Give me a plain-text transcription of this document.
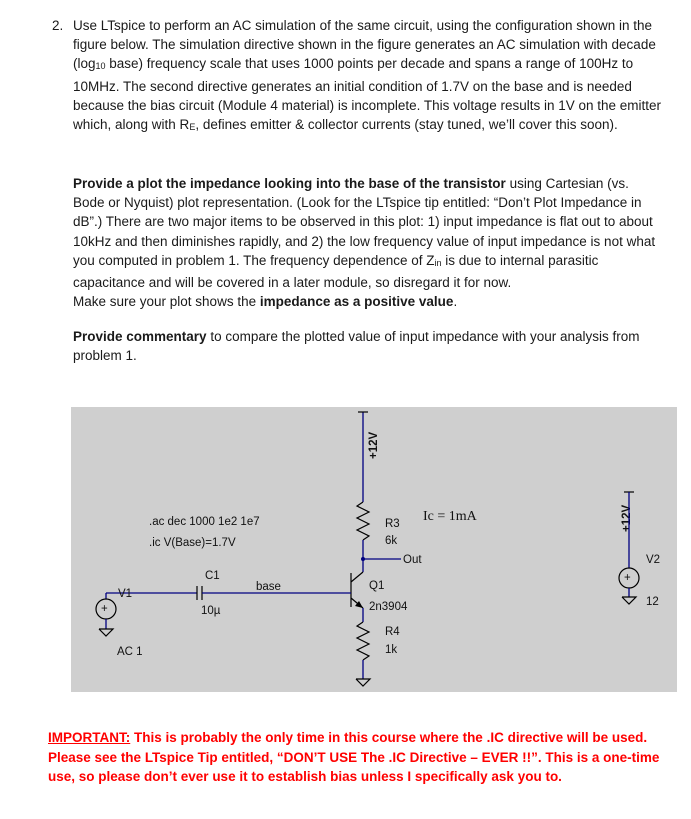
2. Use LTspice to perform an AC simulation of the same circuit, using the configuration shown in the figure below. The simulation directive shown in the figure generates an AC simulation with decade (log10 base) frequency scale that uses 1000 points per decade and spans a range of 100Hz to 10MHz. The second directive generates an initial condition of 1.7V on the base and is needed because the bias circuit (Module 4 material) is incomplete. This voltage results in 1V on the emitter which, along with RE, defines emitter & collector currents (stay tuned, we’ll cover this soon).

Provide a plot the impedance looking into the base of the transistor using Cartesian (vs. Bode or Nyquist) plot representation. (Look for the LTspice tip entitled: “Don’t Plot Impedance in dB”.) There are two major items to be observed in this plot: 1) input impedance is flat out to about 10kHz and then diminishes rapidly, and 2) the low frequency value of input impedance is not what you computed in problem 1. The frequency dependence of Zin is due to internal parasitic capacitance and will be covered in a later module, so disregard it for now.
Make sure your plot shows the impedance as a positive value.

Provide commentary to compare the plotted value of input impedance with your analysis from problem 1.

.ac dec 1000 1e2 1e7
.ic V(Base)=1.7V
Ic = 1mA
+12V
R3
6k
Out
Q1
2n3904
R4
1k
C1
10µ
base
+
V1
AC 1
+12V
+
V2
12
IMPORTANT: This is probably the only time in this course where the .IC directive will be used. Please see the LTspice Tip entitled, “DON’T USE The .IC Directive – EVER !!”. This is a one-time use, so please don’t ever use it to establish bias unless I specifically ask you to.
